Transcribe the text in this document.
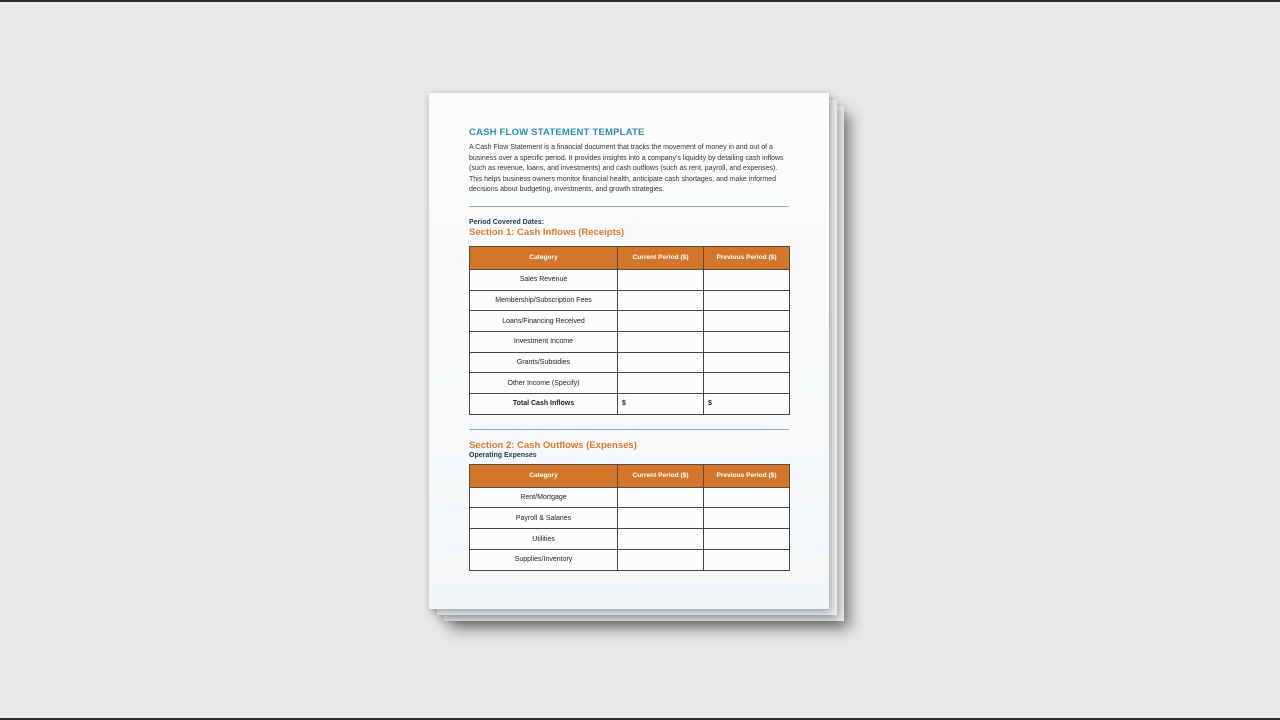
CASH FLOW STATEMENT TEMPLATE

A Cash Flow Statement is a financial document that tracks the movement of money in and out of a business over a specific period. It provides insights into a company's liquidity by detailing cash inflows (such as revenue, loans, and investments) and cash outflows (such as rent, payroll, and expenses). This helps business owners monitor financial health, anticipate cash shortages, and make informed decisions about budgeting, investments, and growth strategies.

Period Covered Dates:

Section 1: Cash Inflows (Receipts)
Category	Current Period ($)	Previous Period ($)
Sales Revenue		
Membership/Subscription Fees		
Loans/Financing Received		
Investment Income		
Grants/Subsidies		
Other Income (Specify)		
Total Cash Inflows	$	$
Section 2: Cash Outflows (Expenses)

Operating Expenses

Category	Current Period ($)	Previous Period ($)
Rent/Mortgage		
Payroll & Salaries		
Utilities		
Supplies/Inventory		
